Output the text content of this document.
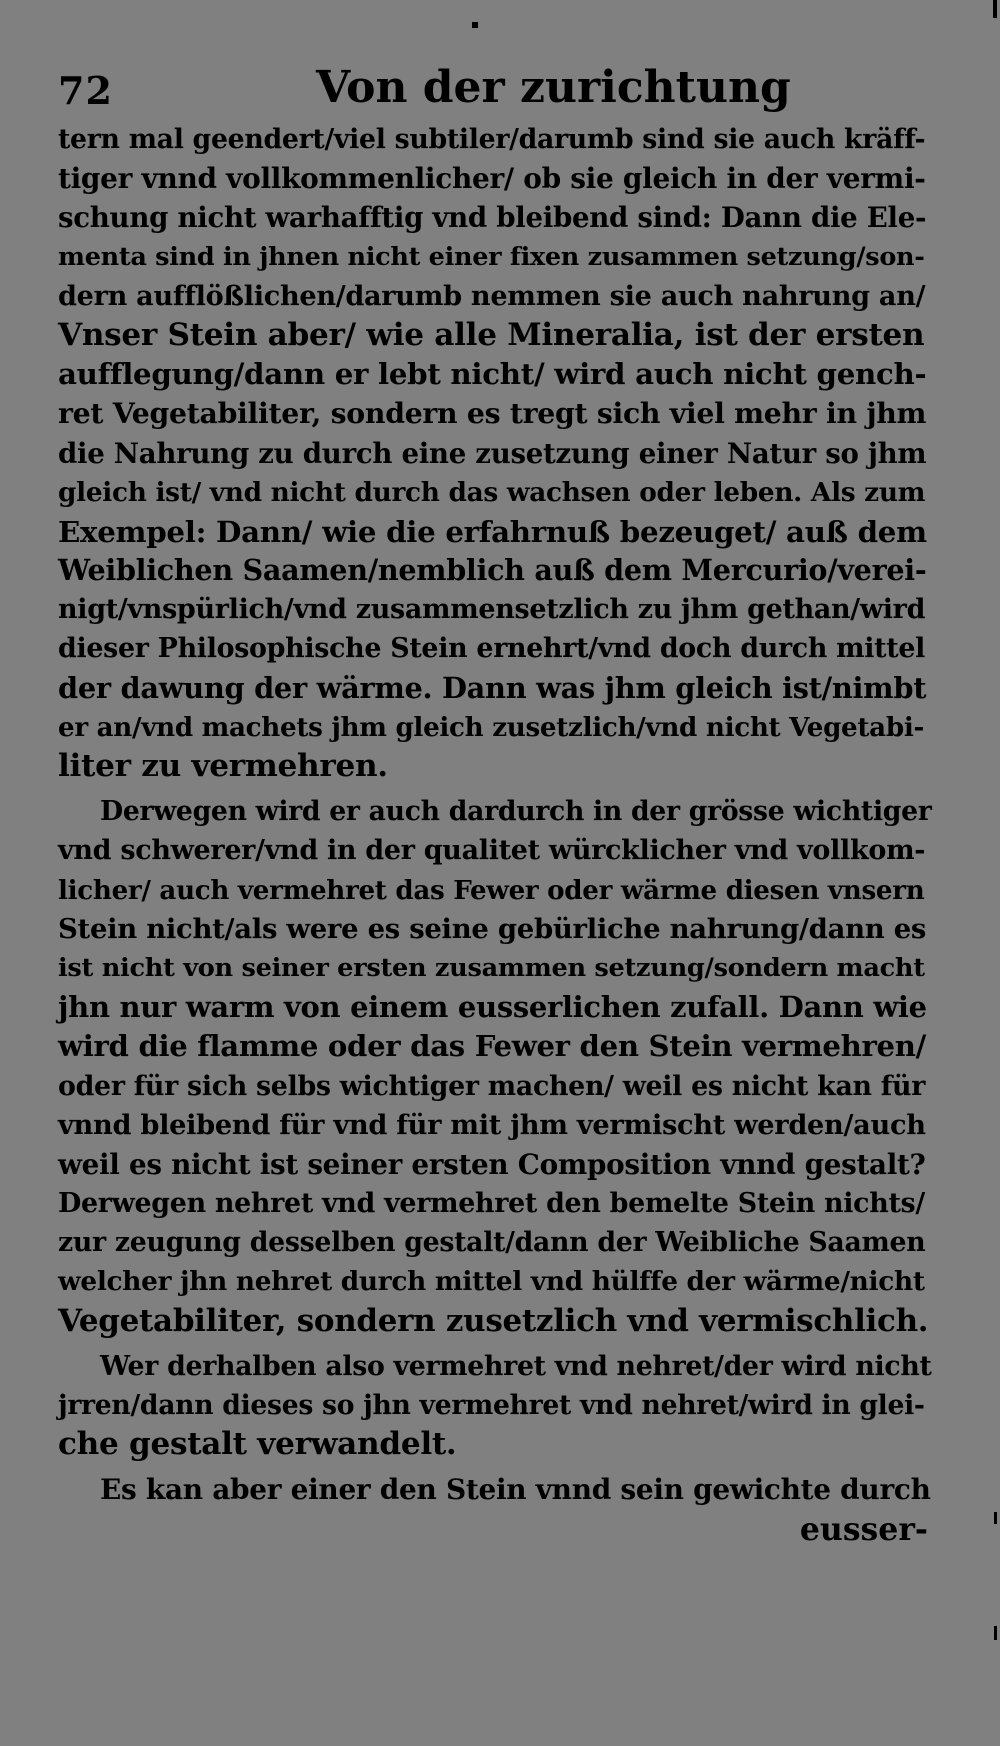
72	Von der zurichtung
tern mal geendert/viel subtiler/darumb sind sie auch kräff-
tiger vnnd vollkommenlicher/ ob sie gleich in der vermi-
schung nicht warhafftig vnd bleibend sind: Dann die Ele-
menta sind in jhnen nicht einer fixen zusammen setzung/son-
dern aufflößlichen/darumb nemmen sie auch nahrung an/
Vnser Stein aber/ wie alle Mineralia, ist der ersten
aufflegung/dann er lebt nicht/ wird auch nicht gench-
ret Vegetabiliter, sondern es tregt sich viel mehr in jhm
die Nahrung zu durch eine zusetzung einer Natur so jhm
gleich ist/ vnd nicht durch das wachsen oder leben. Als zum
Exempel: Dann/ wie die erfahrnuß bezeuget/ auß dem
Weiblichen Saamen/nemblich auß dem Mercurio/verei-
nigt/vnspürlich/vnd zusammensetzlich zu jhm gethan/wird
dieser Philosophische Stein ernehrt/vnd doch durch mittel
der dawung der wärme. Dann was jhm gleich ist/nimbt
er an/vnd machets jhm gleich zusetzlich/vnd nicht Vegetabi-
liter zu vermehren.
Derwegen wird er auch dardurch in der grösse wichtiger
vnd schwerer/vnd in der qualitet würcklicher vnd vollkom-
licher/ auch vermehret das Fewer oder wärme diesen vnsern
Stein nicht/als were es seine gebürliche nahrung/dann es
ist nicht von seiner ersten zusammen setzung/sondern macht
jhn nur warm von einem eusserlichen zufall. Dann wie
wird die flamme oder das Fewer den Stein vermehren/
oder für sich selbs wichtiger machen/ weil es nicht kan für
vnnd bleibend für vnd für mit jhm vermischt werden/auch
weil es nicht ist seiner ersten Composition vnnd gestalt?
Derwegen nehret vnd vermehret den bemelte Stein nichts/
zur zeugung desselben gestalt/dann der Weibliche Saamen
welcher jhn nehret durch mittel vnd hülffe der wärme/nicht
Vegetabiliter, sondern zusetzlich vnd vermischlich.
Wer derhalben also vermehret vnd nehret/der wird nicht
jrren/dann dieses so jhn vermehret vnd nehret/wird in glei-
che gestalt verwandelt.
Es kan aber einer den Stein vnnd sein gewichte durch
eusser-
